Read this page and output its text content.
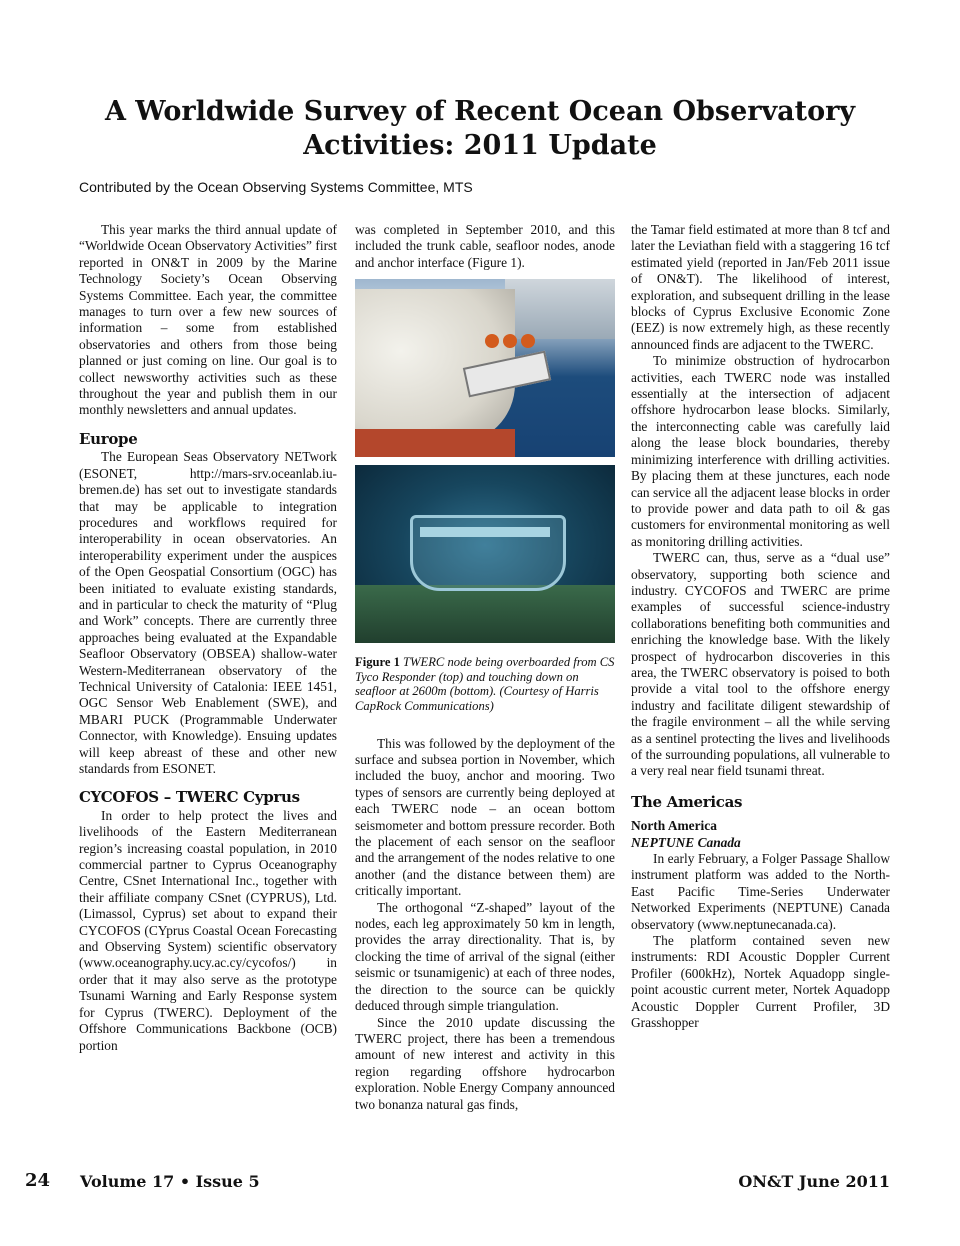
A Worldwide Survey of Recent Ocean Observatory
Activities: 2011 Update
Contributed by the Ocean Observing Systems Committee, MTS

This year marks the third annual update of “Worldwide Ocean Observatory Activities” first reported in ON&T in 2009 by the Marine Technology Society’s Ocean Observing Systems Committee. Each year, the committee manages to turn over a few new sources of information – some from established observatories and others from those being planned or just coming on line. Our goal is to collect newsworthy activities such as these throughout the year and publish them in our monthly newsletters and annual updates.

Europe

The European Seas Observatory NETwork (ESONET, http://mars-srv.oceanlab.iu-bremen.de) has set out to investigate standards that may be applicable to integration procedures and workflows required for interoperability in ocean observatories. An interoperability experiment under the auspices of the Open Geospatial Consortium (OGC) has been initiated to evaluate existing standards, and in particular to check the maturity of “Plug and Work” concepts. There are currently three approaches being evaluated at the Expandable Seafloor Observatory (OBSEA) shallow-water Western-Mediterranean observatory of the Technical University of Catalonia: IEEE 1451, OGC Sensor Web Enablement (SWE), and MBARI PUCK (Programmable Underwater Connector, with Knowledge). Ensuing updates will keep abreast of these and other new standards from ESONET.

CYCOFOS – TWERC Cyprus

In order to help protect the lives and livelihoods of the Eastern Mediterranean region’s increasing coastal population, in 2010 commercial partner to Cyprus Oceanography Centre, CSnet International Inc., together with their affiliate company CSnet (CYPRUS), Ltd. (Limassol, Cyprus) set about to expand their CYCOFOS (CYprus Coastal Ocean Forecasting and Observing System) scientific observatory (www.oceanography.ucy.ac.cy/cycofos/) in order that it may also serve as the prototype Tsunami Warning and Early Response system for Cyprus (TWERC). Deployment of the Offshore Communications Backbone (OCB) portion

was completed in September 2010, and this included the trunk cable, seafloor nodes, anode and anchor interface (Figure 1).

Figure 1 TWERC node being overboarded from CS Tyco Responder (top) and touching down on seafloor at 2600m (bottom). (Courtesy of Harris CapRock Communications)

This was followed by the deployment of the surface and subsea portion in November, which included the buoy, anchor and mooring. Two types of sensors are currently being deployed at each TWERC node – an ocean bottom seismometer and bottom pressure recorder. Both the placement of each sensor on the seafloor and the arrangement of the nodes relative to one another (and the distance between them) are critically important.

The orthogonal “Z-shaped” layout of the nodes, each leg approximately 50 km in length, provides the array directionality. That is, by clocking the time of arrival of the signal (either seismic or tsunamigenic) at each of three nodes, the direction to the source can be quickly deduced through simple triangulation.

Since the 2010 update discussing the TWERC project, there has been a tremendous amount of new interest and activity in this region regarding offshore hydrocarbon exploration. Noble Energy Company announced two bonanza natural gas finds,

the Tamar field estimated at more than 8 tcf and later the Leviathan field with a staggering 16 tcf estimated yield (reported in Jan/Feb 2011 issue of ON&T). The likelihood of interest, exploration, and subsequent drilling in the lease blocks of Cyprus Exclusive Economic Zone (EEZ) is now extremely high, as these recently announced finds are adjacent to the TWERC.

To minimize obstruction of hydrocarbon activities, each TWERC node was installed essentially at the intersection of adjacent offshore hydrocarbon lease blocks. Similarly, the interconnecting cable was carefully laid along the lease block boundaries, thereby minimizing interference with drilling activities. By placing them at these junctures, each node can service all the adjacent lease blocks in order to provide power and data path to oil & gas customers for environmental monitoring as well as monitoring drilling activities.

TWERC can, thus, serve as a “dual use” observatory, supporting both science and industry. CYCOFOS and TWERC are prime examples of successful science-industry collaborations benefiting both communities and enriching the knowledge base. With the likely prospect of hydrocarbon discoveries in this area, the TWERC observatory is poised to both provide a vital tool to the offshore energy industry and facilitate diligent stewardship of the fragile environment – all the while serving as a sentinel protecting the lives and livelihoods of the surrounding populations, all vulnerable to a very real near field tsunami threat.

The Americas
North America
NEPTUNE Canada

In early February, a Folger Passage Shallow instrument platform was added to the North-East Pacific Time-Series Underwater Networked Experiments (NEPTUNE) Canada observatory (www.neptunecanada.ca).

The platform contained seven new instruments: RDI Acoustic Doppler Current Profiler (600kHz), Nortek Aquadopp single-point acoustic current meter, Nortek Aquadopp Acoustic Doppler Current Profiler, 3D Grasshopper

24 Volume 17 • Issue 5	ON&T June 2011
